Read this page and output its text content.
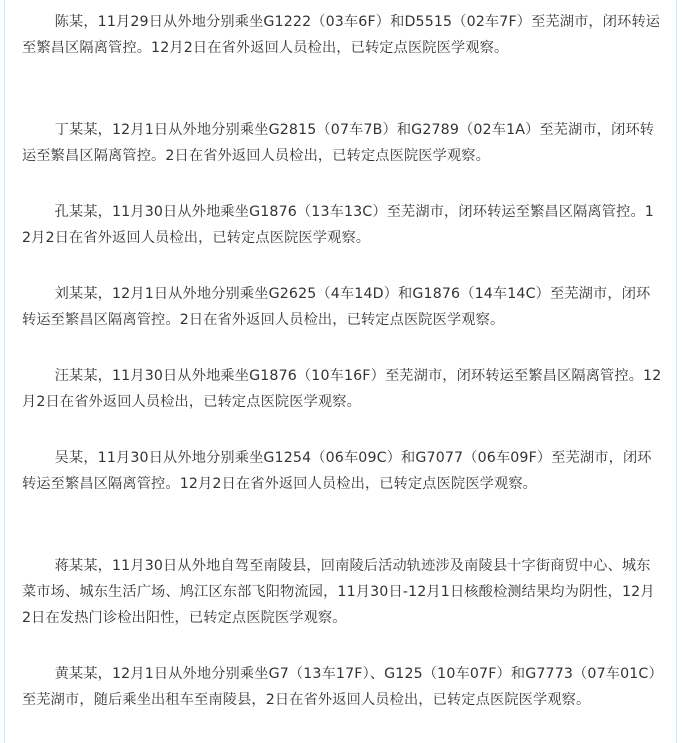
陈某，11月29日从外地分别乘坐G1222（03车6F）和D5515（02车7F）至芜湖市，闭环转运至繁昌区隔离管控。12月2日在省外返回人员检出，已转定点医院医学观察。

丁某某，12月1日从外地分别乘坐G2815（07车7B）和G2789（02车1A）至芜湖市，闭环转运至繁昌区隔离管控。2日在省外返回人员检出，已转定点医院医学观察。

孔某某，11月30日从外地乘坐G1876（13车13C）至芜湖市，闭环转运至繁昌区隔离管控。12月2日在省外返回人员检出，已转定点医院医学观察。

刘某某，12月1日从外地分别乘坐G2625（4车14D）和G1876（14车14C）至芜湖市，闭环转运至繁昌区隔离管控。2日在省外返回人员检出，已转定点医院医学观察。

汪某某，11月30日从外地乘坐G1876（10车16F）至芜湖市，闭环转运至繁昌区隔离管控。12月2日在省外返回人员检出，已转定点医院医学观察。

吴某，11月30日从外地分别乘坐G1254（06车09C）和G7077（06车09F）至芜湖市，闭环转运至繁昌区隔离管控。12月2日在省外返回人员检出，已转定点医院医学观察。

蒋某某，11月30日从外地自驾至南陵县，回南陵后活动轨迹涉及南陵县十字街商贸中心、城东菜市场、城东生活广场、鸠江区东部飞阳物流园，11月30日-12月1日核酸检测结果均为阴性，12月2日在发热门诊检出阳性，已转定点医院医学观察。

黄某某，12月1日从外地分别乘坐G7（13车17F）、G125（10车07F）和G7773（07车01C）至芜湖市，随后乘坐出租车至南陵县，2日在省外返回人员检出，已转定点医院医学观察。
